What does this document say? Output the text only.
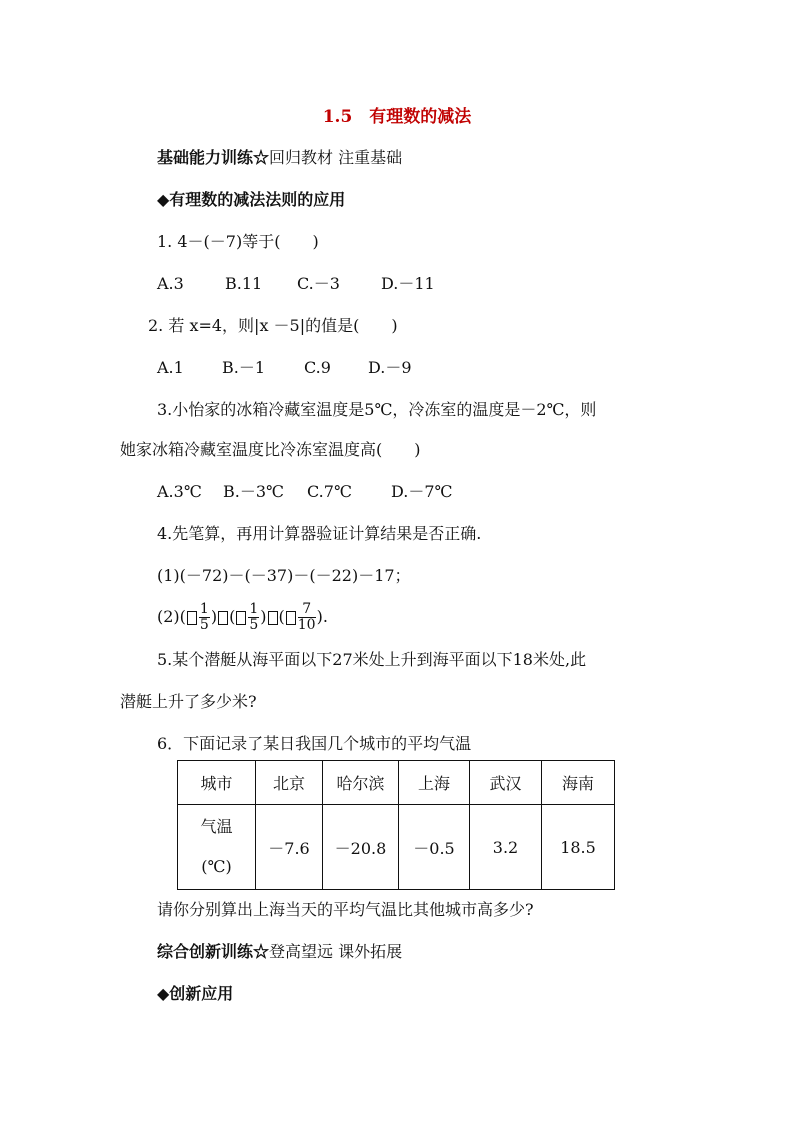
1.5　有理数的减法
基础能力训练☆回归教材 注重基础
◆有理数的减法法则的应用
1. 4－(－7)等于(　　)
A.3	B.11 C.－3	D.－11
2. 若 x=4，则|x －5|的值是(　　)
A.1 B.－1 C.9 D.－9
3.小怡家的冰箱冷藏室温度是5℃，冷冻室的温度是－2℃，则
她家冰箱冷藏室温度比冷冻室温度高(　　)
A.3℃ B.－3℃ C.7℃ D.－7℃
4.先笔算，再用计算器验证计算结果是否正确.
(1)(－72)－(－37)－(－22)－17；
$(2)( \frac{1}{5}$ ) ( $\frac{1}{5}$ ) ( $\frac{7}{10}$ ).
5.某个潜艇从海平面以下27米处上升到海平面以下18米处,此
潜艇上升了多少米?
6．下面记录了某日我国几个城市的平均气温
城市	北京	哈尔滨	上海	武汉	海南

气温
(℃)	－7.6	－20.8	－0.5	3.2	18.5
请你分别算出上海当天的平均气温比其他城市高多少?
综合创新训练☆登高望远 课外拓展
◆创新应用
